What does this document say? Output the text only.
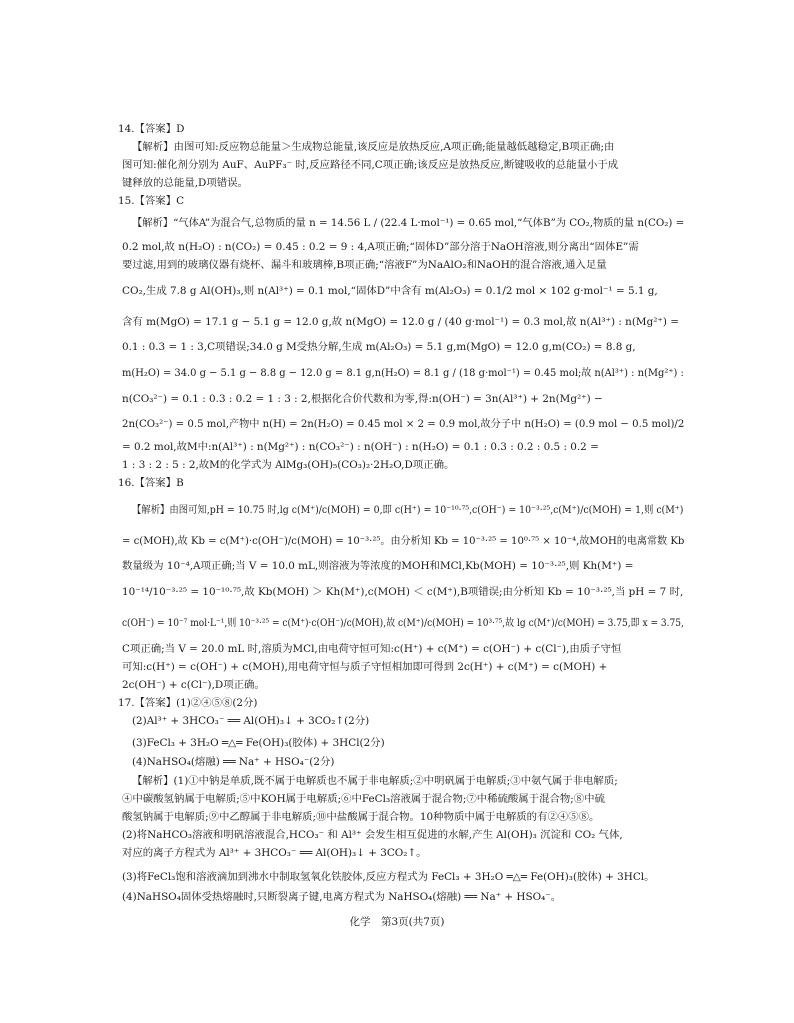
14.【答案】D
【解析】由图可知:反应物总能量＞生成物总能量,该反应是放热反应,A项正确;能量越低越稳定,B项正确;由
图可知:催化剂分别为 AuF、AuPF₃⁻ 时,反应路径不同,C项正确;该反应是放热反应,断键吸收的总能量小于成
键释放的总能量,D项错误。
15.【答案】C
【解析】“气体A”为混合气,总物质的量 n = 14.56 L / (22.4 L·mol⁻¹) = 0.65 mol,“气体B”为 CO₂,物质的量 n(CO₂) =
0.2 mol,故 n(H₂O) : n(CO₂) = 0.45 : 0.2 = 9 : 4,A项正确;“固体D”部分溶于NaOH溶液,则分离出“固体E”需
要过滤,用到的玻璃仪器有烧杯、漏斗和玻璃棒,B项正确;“溶液F”为NaAlO₂和NaOH的混合溶液,通入足量
CO₂,生成 7.8 g Al(OH)₃,则 n(Al³⁺) = 0.1 mol,“固体D”中含有 m(Al₂O₃) = 0.1/2 mol × 102 g·mol⁻¹ = 5.1 g,
含有 m(MgO) = 17.1 g − 5.1 g = 12.0 g,故 n(MgO) = 12.0 g / (40 g·mol⁻¹) = 0.3 mol,故 n(Al³⁺) : n(Mg²⁺) =
0.1 : 0.3 = 1 : 3,C项错误;34.0 g M受热分解,生成 m(Al₂O₃) = 5.1 g,m(MgO) = 12.0 g,m(CO₂) = 8.8 g,
m(H₂O) = 34.0 g − 5.1 g − 8.8 g − 12.0 g = 8.1 g,n(H₂O) = 8.1 g / (18 g·mol⁻¹) = 0.45 mol;故 n(Al³⁺) : n(Mg²⁺) :
n(CO₃²⁻) = 0.1 : 0.3 : 0.2 = 1 : 3 : 2,根据化合价代数和为零,得:n(OH⁻) = 3n(Al³⁺) + 2n(Mg²⁺) −
2n(CO₃²⁻) = 0.5 mol,产物中 n(H) = 2n(H₂O) = 0.45 mol × 2 = 0.9 mol,故分子中 n(H₂O) = (0.9 mol − 0.5 mol)/2
= 0.2 mol,故M中:n(Al³⁺) : n(Mg²⁺) : n(CO₃²⁻) : n(OH⁻) : n(H₂O) = 0.1 : 0.3 : 0.2 : 0.5 : 0.2 =
1 : 3 : 2 : 5 : 2,故M的化学式为 AlMg₃(OH)₅(CO₃)₂·2H₂O,D项正确。
16.【答案】B
【解析】由图可知,pH = 10.75 时,lg c(M⁺)/c(MOH) = 0,即 c(H⁺) = 10⁻¹⁰·⁷⁵,c(OH⁻) = 10⁻³·²⁵,c(M⁺)/c(MOH) = 1,则 c(M⁺)
= c(MOH),故 Kb = c(M⁺)·c(OH⁻)/c(MOH) = 10⁻³·²⁵。由分析知 Kb = 10⁻³·²⁵ = 10⁰·⁷⁵ × 10⁻⁴,故MOH的电离常数 Kb
数量级为 10⁻⁴,A项正确;当 V = 10.0 mL,则溶液为等浓度的MOH和MCl,Kb(MOH) = 10⁻³·²⁵,则 Kh(M⁺) =
10⁻¹⁴/10⁻³·²⁵ = 10⁻¹⁰·⁷⁵,故 Kb(MOH) ＞ Kh(M⁺),c(MOH) ＜ c(M⁺),B项错误;由分析知 Kb = 10⁻³·²⁵,当 pH = 7 时,
c(OH⁻) = 10⁻⁷ mol·L⁻¹,则 10⁻³·²⁵ = c(M⁺)·c(OH⁻)/c(MOH),故 c(M⁺)/c(MOH) = 10³·⁷⁵,故 lg c(M⁺)/c(MOH) = 3.75,即 x = 3.75,
C项正确;当 V = 20.0 mL 时,溶质为MCl,由电荷守恒可知:c(H⁺) + c(M⁺) = c(OH⁻) + c(Cl⁻),由质子守恒
可知:c(H⁺) = c(OH⁻) + c(MOH),用电荷守恒与质子守恒相加即可得到 2c(H⁺) + c(M⁺) = c(MOH) +
2c(OH⁻) + c(Cl⁻),D项正确。
17.【答案】(1)②④⑤⑧(2分)
(2)Al³⁺ + 3HCO₃⁻ ══ Al(OH)₃↓ + 3CO₂↑(2分)
(3)FeCl₃ + 3H₂O ═△═ Fe(OH)₃(胶体) + 3HCl(2分)
(4)NaHSO₄(熔融) ══ Na⁺ + HSO₄⁻(2分)
【解析】(1)①中钠是单质,既不属于电解质也不属于非电解质;②中明矾属于电解质;③中氨气属于非电解质;
④中碳酸氢钠属于电解质;⑤中KOH属于电解质;⑥中FeCl₃溶液属于混合物;⑦中稀硫酸属于混合物;⑧中硫
酸氢钠属于电解质;⑨中乙醇属于非电解质;⑩中盐酸属于混合物。10种物质中属于电解质的有②④⑤⑧。
(2)将NaHCO₃溶液和明矾溶液混合,HCO₃⁻ 和 Al³⁺ 会发生相互促进的水解,产生 Al(OH)₃ 沉淀和 CO₂ 气体,
对应的离子方程式为 Al³⁺ + 3HCO₃⁻ ══ Al(OH)₃↓ + 3CO₂↑。
(3)将FeCl₃饱和溶液滴加到沸水中制取氢氧化铁胶体,反应方程式为 FeCl₃ + 3H₂O ═△═ Fe(OH)₃(胶体) + 3HCl。
(4)NaHSO₄固体受热熔融时,只断裂离子键,电离方程式为 NaHSO₄(熔融) ══ Na⁺ + HSO₄⁻。
化学　第3页(共7页)
